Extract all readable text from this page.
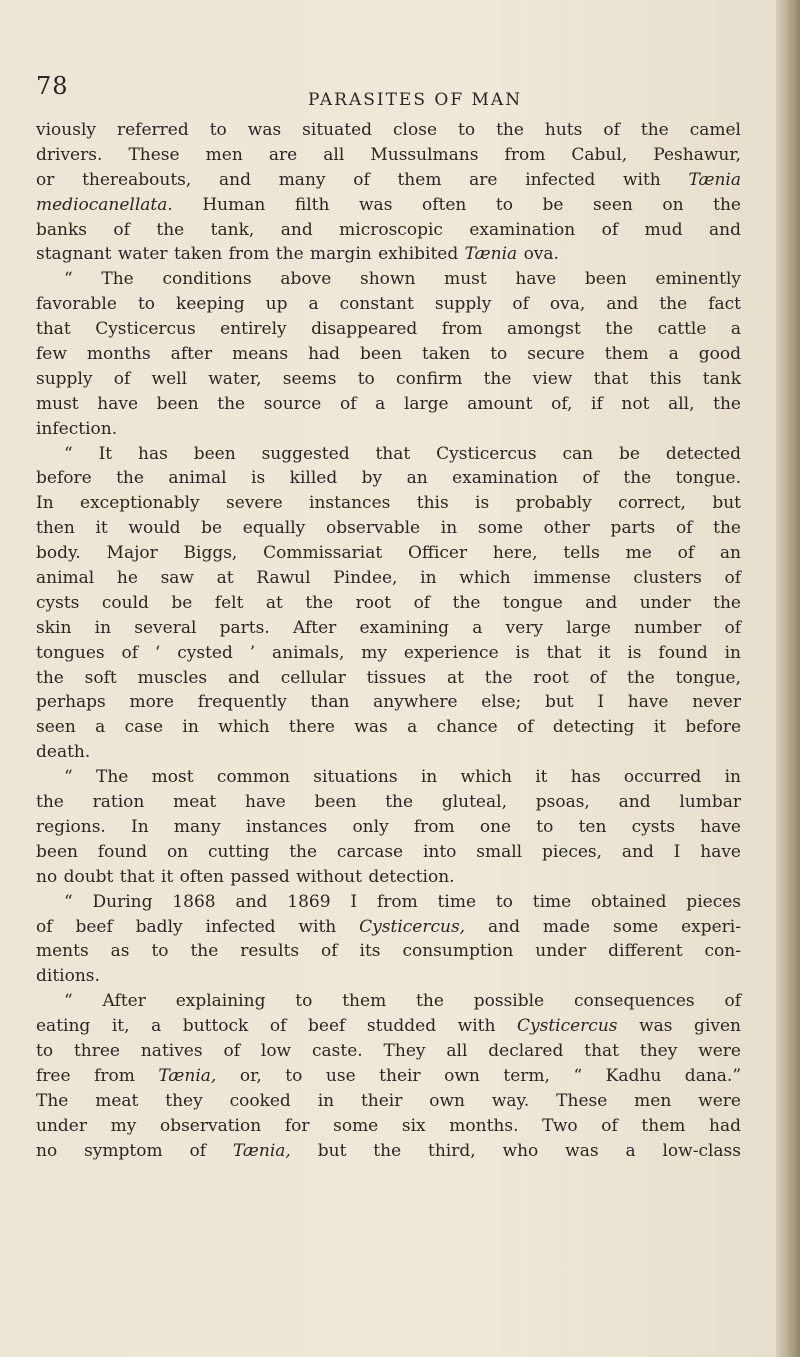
78	PARASITES OF MAN
viously referred to was situated close to the huts of the camel
drivers. These men are all Mussulmans from Cabul, Peshawur,
or thereabouts, and many of them are infected with Tænia
mediocanellata. Human filth was often to be seen on the
banks of the tank, and microscopic examination of mud and
stagnant water taken from the margin exhibited Tænia ova.
“ The conditions above shown must have been eminently
favorable to keeping up a constant supply of ova, and the fact
that Cysticercus entirely disappeared from amongst the cattle a
few months after means had been taken to secure them a good
supply of well water, seems to confirm the view that this tank
must have been the source of a large amount of, if not all, the
infection.
“ It has been suggested that Cysticercus can be detected
before the animal is killed by an examination of the tongue.
In exceptionably severe instances this is probably correct, but
then it would be equally observable in some other parts of the
body. Major Biggs, Commissariat Officer here, tells me of an
animal he saw at Rawul Pindee, in which immense clusters of
cysts could be felt at the root of the tongue and under the
skin in several parts. After examining a very large number of
tongues of ‘ cysted ’ animals, my experience is that it is found in
the soft muscles and cellular tissues at the root of the tongue,
perhaps more frequently than anywhere else; but I have never
seen a case in which there was a chance of detecting it before
death.
“ The most common situations in which it has occurred in
the ration meat have been the gluteal, psoas, and lumbar
regions. In many instances only from one to ten cysts have
been found on cutting the carcase into small pieces, and I have
no doubt that it often passed without detection.
“ During 1868 and 1869 I from time to time obtained pieces
of beef badly infected with Cysticercus, and made some experi-
ments as to the results of its consumption under different con-
ditions.
“ After explaining to them the possible consequences of
eating it, a buttock of beef studded with Cysticercus was given
to three natives of low caste. They all declared that they were
free from Tænia, or, to use their own term, “ Kadhu dana.”
The meat they cooked in their own way. These men were
under my observation for some six months. Two of them had
no symptom of Tænia, but the third, who was a low-class
